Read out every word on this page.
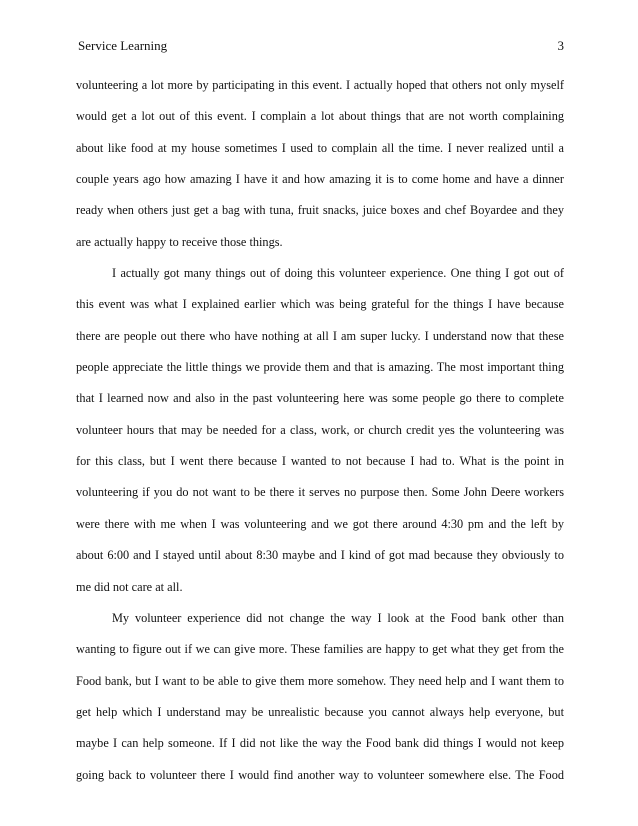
Service Learning	3
volunteering a lot more by participating in this event. I actually hoped that others not only myself
would get a lot out of this event. I complain a lot about things that are not worth complaining
about like food at my house sometimes I used to complain all the time. I never realized until a
couple years ago how amazing I have it and how amazing it is to come home and have a dinner
ready when others just get a bag with tuna, fruit snacks, juice boxes and chef Boyardee and they
are actually happy to receive those things.
I actually got many things out of doing this volunteer experience. One thing I got out of
this event was what I explained earlier which was being grateful for the things I have because
there are people out there who have nothing at all I am super lucky. I understand now that these
people appreciate the little things we provide them and that is amazing. The most important thing
that I learned now and also in the past volunteering here was some people go there to complete
volunteer hours that may be needed for a class, work, or church credit yes the volunteering was
for this class, but I went there because I wanted to not because I had to. What is the point in
volunteering if you do not want to be there it serves no purpose then. Some John Deere workers
were there with me when I was volunteering and we got there around 4:30 pm and the left by
about 6:00 and I stayed until about 8:30 maybe and I kind of got mad because they obviously to
me did not care at all.
My volunteer experience did not change the way I look at the Food bank other than
wanting to figure out if we can give more. These families are happy to get what they get from the
Food bank, but I want to be able to give them more somehow. They need help and I want them to
get help which I understand may be unrealistic because you cannot always help everyone, but
maybe I can help someone. If I did not like the way the Food bank did things I would not keep
going back to volunteer there I would find another way to volunteer somewhere else. The Food
